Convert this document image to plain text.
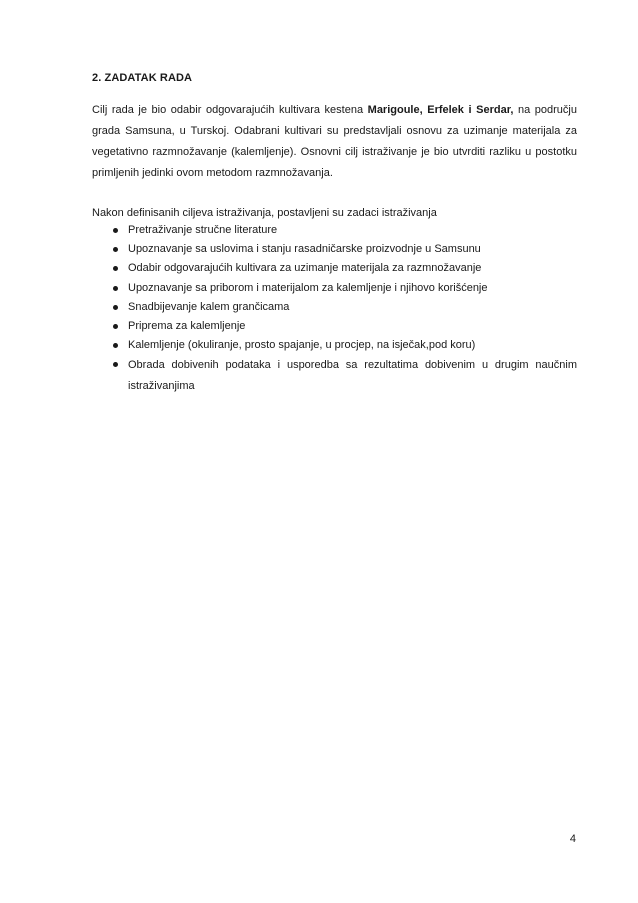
2. ZADATAK RADA
Cilj rada je bio odabir odgovarajućih kultivara kestena Marigoule, Erfelek i Serdar, na području grada Samsuna, u Turskoj. Odabrani kultivari su predstavljali osnovu za uzimanje materijala za vegetativno razmnožavanje (kalemljenje). Osnovni cilj istraživanje je bio utvrditi razliku u postotku primljenih jedinki ovom metodom razmnožavanja.
Nakon definisanih ciljeva istraživanja, postavljeni su zadaci istraživanja
Pretraživanje stručne literature
Upoznavanje sa uslovima i stanju rasadničarske proizvodnje u Samsunu
Odabir odgovarajućih kultivara za uzimanje materijala za razmnožavanje
Upoznavanje sa priborom i materijalom za kalemljenje i njihovo korišćenje
Snadbijevanje kalem grančicama
Priprema za kalemljenje
Kalemljenje (okuliranje, prosto spajanje, u procjep, na isječak,pod koru)
Obrada dobivenih podataka i usporedba sa rezultatima dobivenim u drugim naučnim istraživanjima
4
